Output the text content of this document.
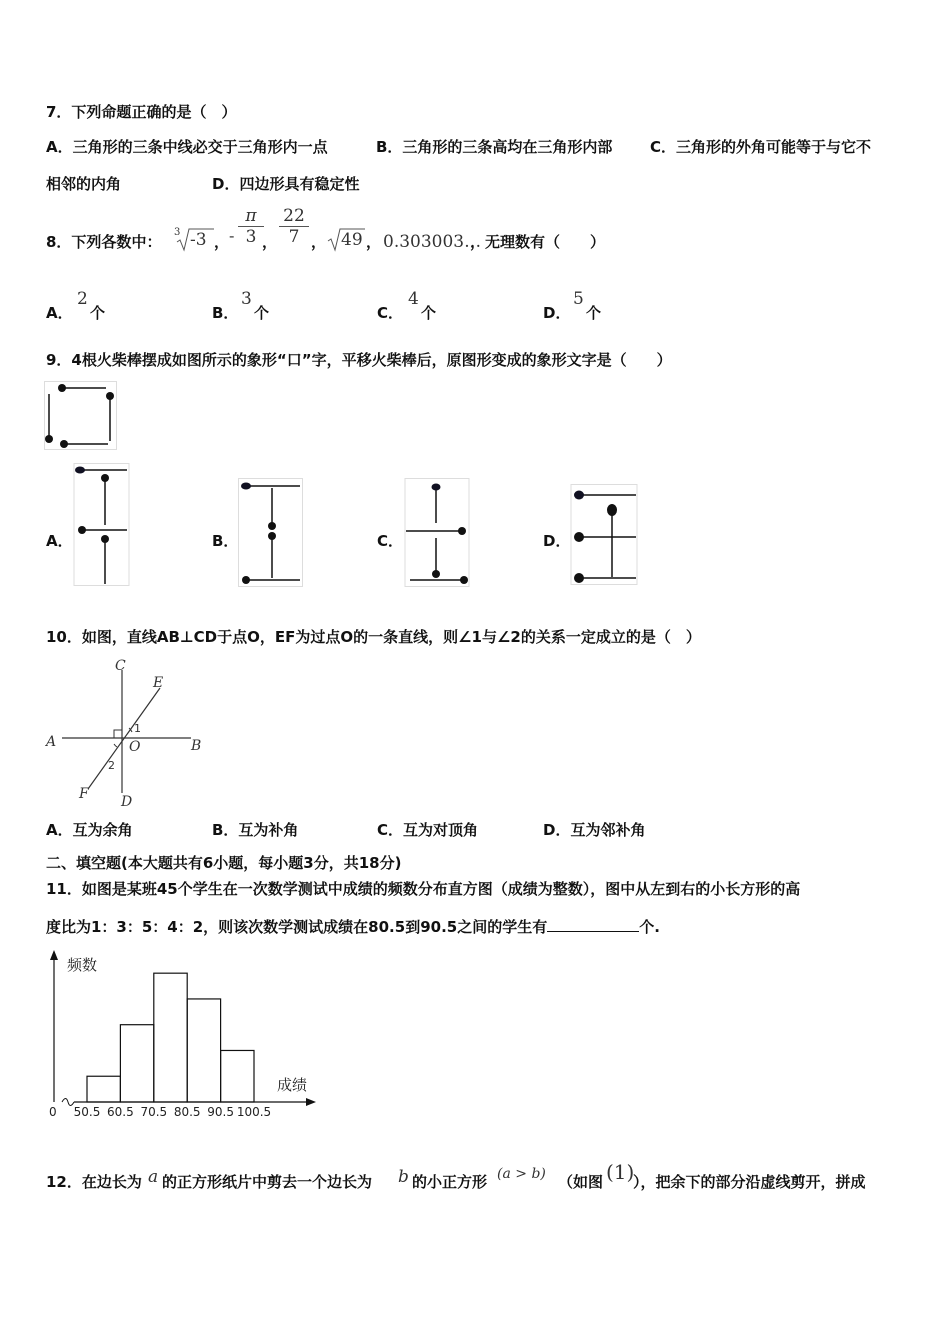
7．下列命题正确的是（　）
A．三角形的三条中线必交于三角形内一点	B．三角形的三条高均在三角形内部	C．三角形的外角可能等于与它不
相邻的内角	D．四边形具有稳定性
8．下列各数中：
3 -3 ， - $\frac{\pi}{3}$
， $\frac{22}{7}$ ， 49 ， 0.303003…
，无理数有（　　）
A．
2
个	B．
3
个	C．
4
个	D．
5
个
9．4根火柴棒摆成如图所示的象形“口”字，平移火柴棒后，原图形变成的象形文字是（　　）
A．	B．	C．	D．
10．如图，直线AB⊥CD于点O，EF为过点O的一条直线，则∠1与∠2的关系一定成立的是（　）
C
E
A	O	B
F D
1
2
A．互为余角	B．互为补角	C．互为对顶角	D．互为邻补角
二、填空题(本大题共有6小题，每小题3分，共18分)
11．如图是某班45个学生在一次数学测试中成绩的频数分布直方图（成绩为整数），图中从左到右的小长方形的高
度比为1：3：5：4：2，则该次数学测试成绩在80.5到90.5之间的学生有	个.
频数
成绩
0 50.5 60.5 70.5 80.5 90.5 100.5
12．在边长为 a 的正方形纸片中剪去一个边长为 b 的小正方形 (a > b) （如图 (1)
），把余下的部分沿虚线剪开，拼成
